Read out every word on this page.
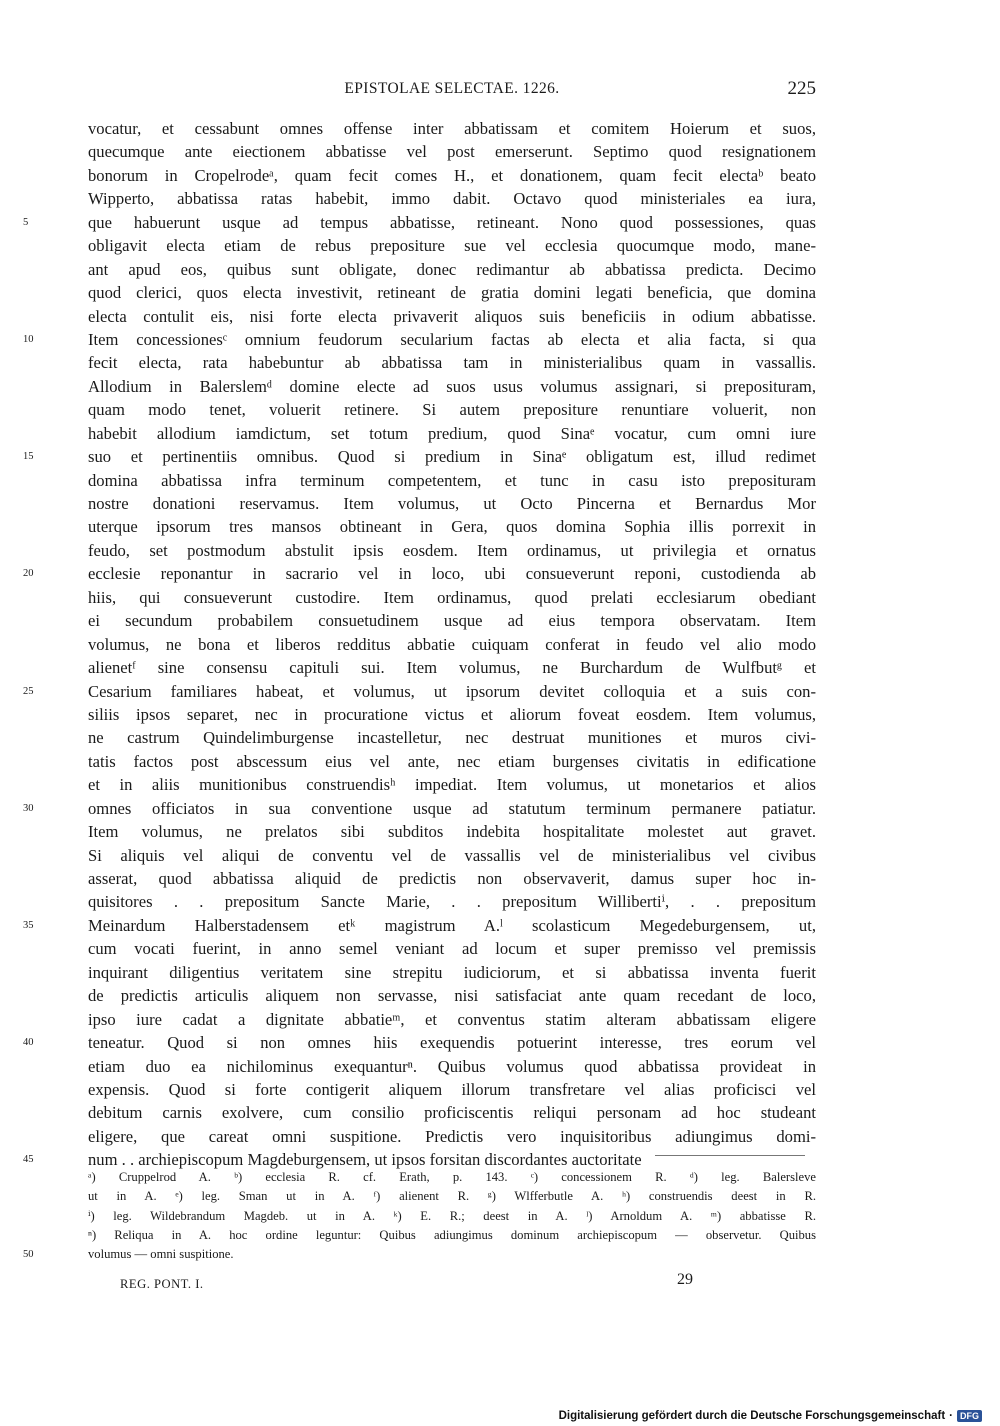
EPISTOLAE SELECTAE. 1226.	225
vocatur, et cessabunt omnes offense inter abbatissam et comitem Hoierum et suos,
quecumque ante eiectionem abbatisse vel post emerserunt. Septimo quod resignationem
bonorum in Cropelrodeᵃ, quam fecit comes H., et donationem, quam fecit electaᵇ beato
Wipperto, abbatissa ratas habebit, immo dabit. Octavo quod ministeriales ea iura,
5	que habuerunt usque ad tempus abbatisse, retineant. Nono quod possessiones, quas
obligavit electa etiam de rebus prepositure sue vel ecclesia quocumque modo, mane-
ant apud eos, quibus sunt obligate, donec redimantur ab abbatissa predicta. Decimo
quod clerici, quos electa investivit, retineant de gratia domini legati beneficia, que domina
electa contulit eis, nisi forte electa privaverit aliquos suis beneficiis in odium abbatisse.
10	Item concessionesᶜ omnium feudorum secularium factas ab electa et alia facta, si qua
fecit electa, rata habebuntur ab abbatissa tam in ministerialibus quam in vassallis.
Allodium in Balerslemᵈ domine electe ad suos usus volumus assignari, si preposituram,
quam modo tenet, voluerit retinere. Si autem prepositure renuntiare voluerit, non
habebit allodium iamdictum, set totum predium, quod Sinaᵉ vocatur, cum omni iure
15	suo et pertinentiis omnibus. Quod si predium in Sinaᵉ obligatum est, illud redimet
domina abbatissa infra terminum competentem, et tunc in casu isto preposituram
nostre donationi reservamus. Item volumus, ut Octo Pincerna et Bernardus Mor
uterque ipsorum tres mansos obtineant in Gera, quos domina Sophia illis porrexit in
feudo, set postmodum abstulit ipsis eosdem. Item ordinamus, ut privilegia et ornatus
20	ecclesie reponantur in sacrario vel in loco, ubi consueverunt reponi, custodienda ab
hiis, qui consueverunt custodire. Item ordinamus, quod prelati ecclesiarum obediant
ei secundum probabilem consuetudinem usque ad eius tempora observatam. Item
volumus, ne bona et liberos redditus abbatie cuiquam conferat in feudo vel alio modo
alienetᶠ sine consensu capituli sui. Item volumus, ne Burchardum de Wulfbutᵍ et
25	Cesarium familiares habeat, et volumus, ut ipsorum devitet colloquia et a suis con-
siliis ipsos separet, nec in procuratione victus et aliorum foveat eosdem. Item volumus,
ne castrum Quindelimburgense incastelletur, nec destruat munitiones et muros civi-
tatis factos post abscessum eius vel ante, nec etiam burgenses civitatis in edificatione
et in aliis munitionibus construendisʰ impediat. Item volumus, ut monetarios et alios
30	omnes officiatos in sua conventione usque ad statutum terminum permanere patiatur.
Item volumus, ne prelatos sibi subditos indebita hospitalitate molestet aut gravet.
Si aliquis vel aliqui de conventu vel de vassallis vel de ministerialibus vel civibus
asserat, quod abbatissa aliquid de predictis non observaverit, damus super hoc in-
quisitores . . prepositum Sancte Marie, . . prepositum Willibertiⁱ, . . prepositum
35	Meinardum Halberstadensem etᵏ magistrum A.ˡ scolasticum Megedeburgensem, ut,
cum vocati fuerint, in anno semel veniant ad locum et super premisso vel premissis
inquirant diligentius veritatem sine strepitu iudiciorum, et si abbatissa inventa fuerit
de predictis articulis aliquem non servasse, nisi satisfaciat ante quam recedant de loco,
ipso iure cadat a dignitate abbatieᵐ, et conventus statim alteram abbatissam eligere
40	teneatur. Quod si non omnes hiis exequendis potuerint interesse, tres eorum vel
etiam duo ea nichilominus exequanturⁿ. Quibus volumus quod abbatissa provideat in
expensis. Quod si forte contigerit aliquem illorum transfretare vel alias proficisci vel
debitum carnis exolvere, cum consilio proficiscentis reliqui personam ad hoc studeant
eligere, que careat omni suspitione. Predictis vero inquisitoribus adiungimus domi-
45	num . . archiepiscopum Magdeburgensem, ut ipsos forsitan discordantes auctoritate
ᵃ) Cruppelrod A. ᵇ) ecclesia R. cf. Erath, p. 143. ᶜ) concessionem R. ᵈ) leg. Balersleve
ut in A. ᵉ) leg. Sman ut in A. ᶠ) alienent R. ᵍ) Wlfferbutle A. ʰ) construendis deest in R.
ⁱ) leg. Wildebrandum Magdeb. ut in A. ᵏ) E. R.; deest in A. ˡ) Arnoldum A. ᵐ) abbatisse R.
ⁿ) Reliqua in A. hoc ordine leguntur: Quibus adiungimus dominum archiepiscopum — observetur. Quibus
50	volumus — omni suspitione.
REG. PONT. I.	29
Digitalisierung gefördert durch die Deutsche Forschungsgemeinschaft · DFG
